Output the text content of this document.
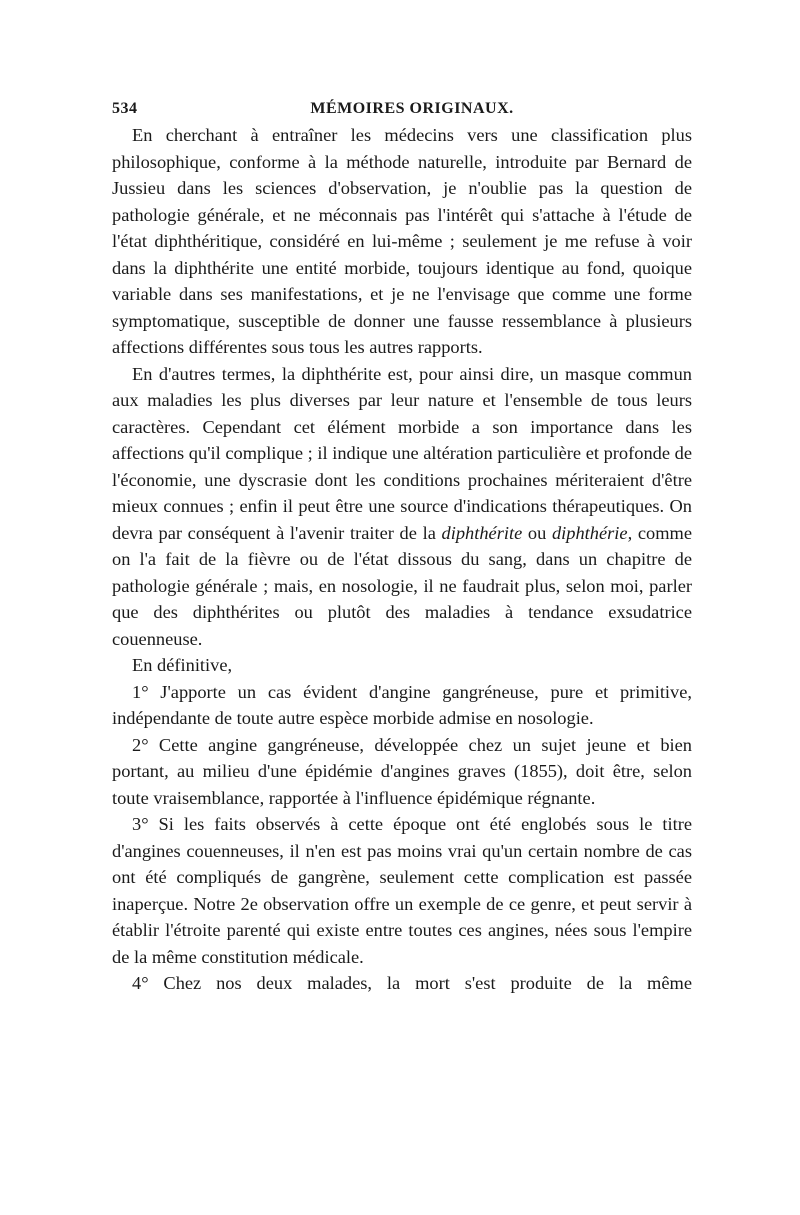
534	MÉMOIRES ORIGINAUX.

En cherchant à entraîner les médecins vers une classification plus philosophique, conforme à la méthode naturelle, introduite par Bernard de Jussieu dans les sciences d'observation, je n'oublie pas la question de pathologie générale, et ne méconnais pas l'intérêt qui s'attache à l'étude de l'état diphthéritique, considéré en lui-même ; seulement je me refuse à voir dans la diphthérite une entité morbide, toujours identique au fond, quoique variable dans ses manifestations, et je ne l'envisage que comme une forme symptomatique, susceptible de donner une fausse ressemblance à plusieurs affections différentes sous tous les autres rapports.

En d'autres termes, la diphthérite est, pour ainsi dire, un masque commun aux maladies les plus diverses par leur nature et l'ensemble de tous leurs caractères. Cependant cet élément morbide a son importance dans les affections qu'il complique ; il indique une altération particulière et profonde de l'économie, une dyscrasie dont les conditions prochaines mériteraient d'être mieux connues ; enfin il peut être une source d'indications thérapeutiques. On devra par conséquent à l'avenir traiter de la diphthérite ou diphthérie, comme on l'a fait de la fièvre ou de l'état dissous du sang, dans un chapitre de pathologie générale ; mais, en nosologie, il ne faudrait plus, selon moi, parler que des diphthérites ou plutôt des maladies à tendance exsudatrice couenneuse.

En définitive,

1° J'apporte un cas évident d'angine gangréneuse, pure et primitive, indépendante de toute autre espèce morbide admise en nosologie.

2° Cette angine gangréneuse, développée chez un sujet jeune et bien portant, au milieu d'une épidémie d'angines graves (1855), doit être, selon toute vraisemblance, rapportée à l'influence épidémique régnante.

3° Si les faits observés à cette époque ont été englobés sous le titre d'angines couenneuses, il n'en est pas moins vrai qu'un certain nombre de cas ont été compliqués de gangrène, seulement cette complication est passée inaperçue. Notre 2e observation offre un exemple de ce genre, et peut servir à établir l'étroite parenté qui existe entre toutes ces angines, nées sous l'empire de la même constitution médicale.

4° Chez nos deux malades, la mort s'est produite de la même
